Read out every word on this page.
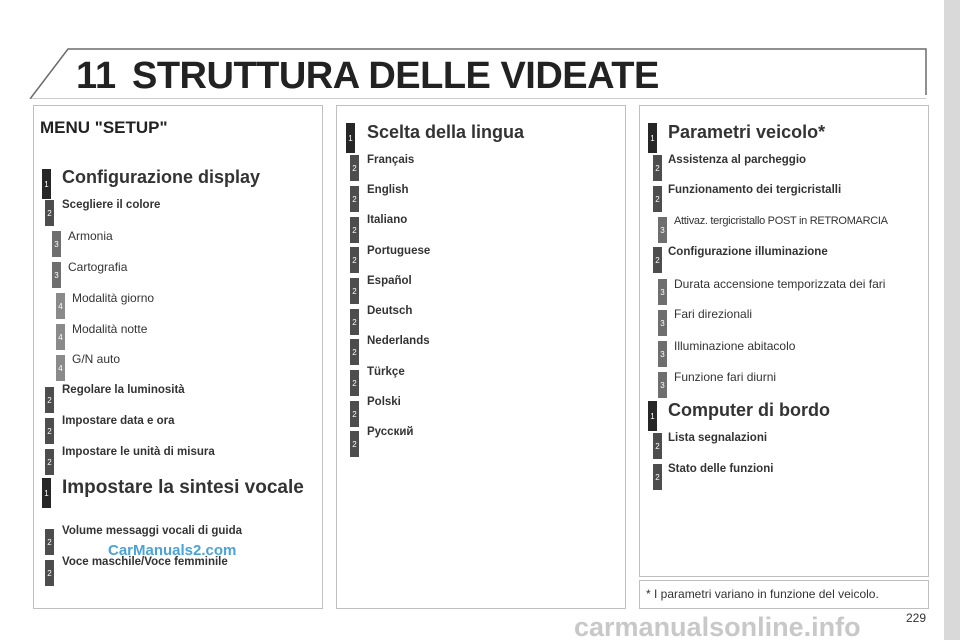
11 STRUTTURA DELLE VIDEATE
MENU "SETUP"
1 Configurazione display
2
Scegliere il colore
3
Armonia
3
Cartografia
4
Modalità giorno
4
Modalità notte
4
G/N auto
2
Regolare la luminosità
2
Impostare data e ora
2
Impostare le unità di misura
1 Impostare la sintesi vocale
2
Volume messaggi vocali di guida
2
Voce maschile/Voce femminile
CarManuals2.com
1 Scelta della lingua
2
Français
2
English
2
Italiano
2
Portuguese
2
Español
2
Deutsch
2
Nederlands
2
Türkçe
2
Polski
2
Русский
1 Parametri veicolo*
2
Assistenza al parcheggio
2
Funzionamento dei tergicristalli
3
Attivaz. tergicristallo POST in RETROMARCIA
2
Configurazione illuminazione
3
Durata accensione temporizzata dei fari
3
Fari direzionali
3
Illuminazione abitacolo
3
Funzione fari diurni
1 Computer di bordo
2
Lista segnalazioni
2
Stato delle funzioni
* I parametri variano in funzione del veicolo.
carmanualsonline.info	229
